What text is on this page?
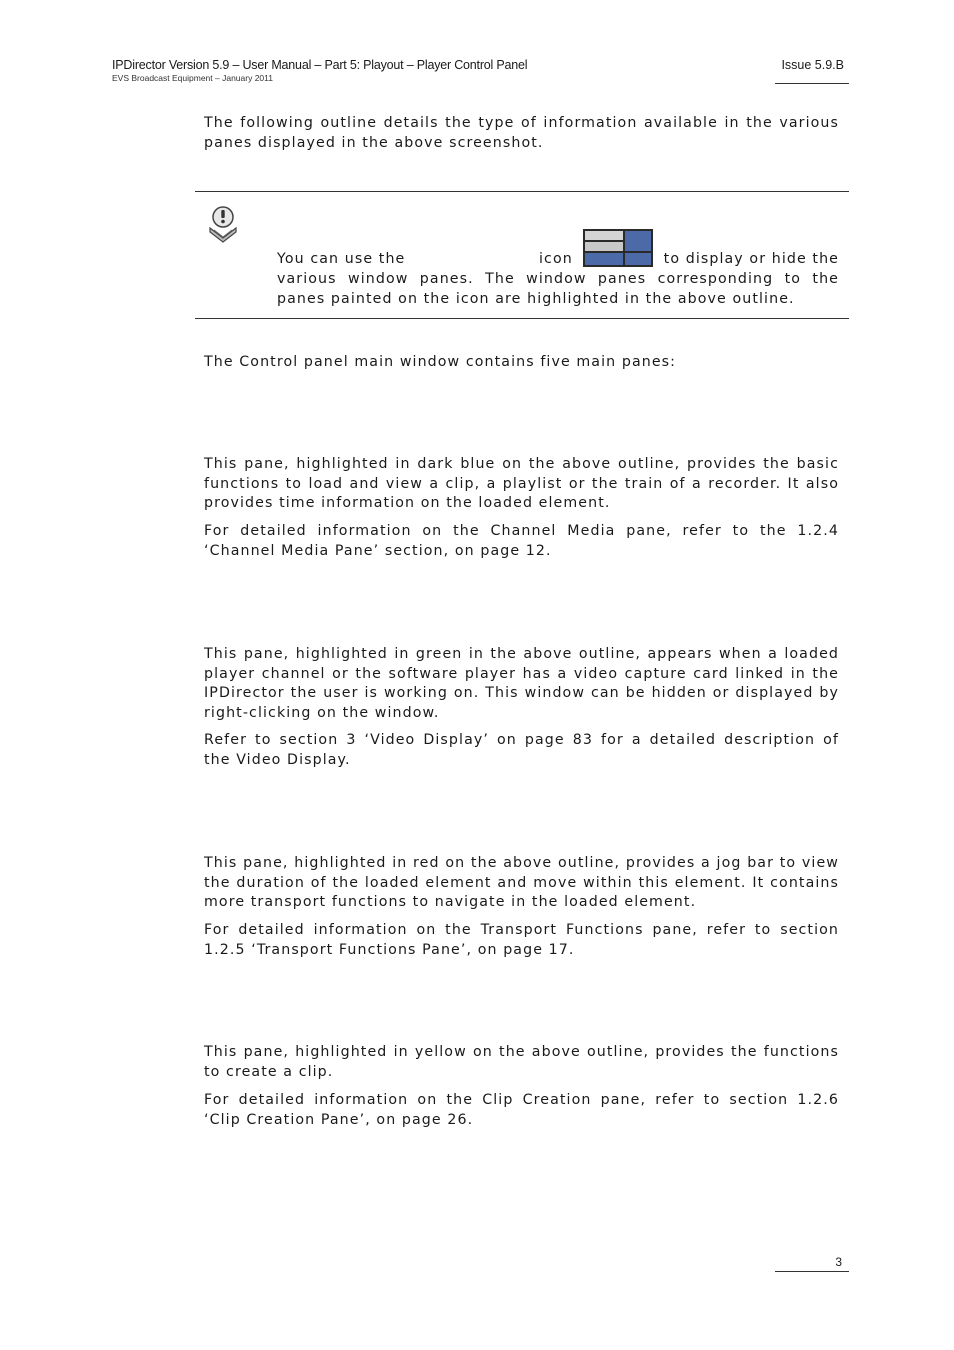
IPDirector Version 5.9 – User Manual – Part 5: Playout – Player Control Panel
EVS Broadcast Equipment – January 2011
Issue 5.9.B

The following outline details the type of information available in the various panes displayed in the above screenshot.

You can use the	icon	to display or hide the

various window panes. The window panes corresponding to the panes painted on the icon are highlighted in the above outline.

The Control panel main window contains five main panes:

This pane, highlighted in dark blue on the above outline, provides the basic functions to load and view a clip, a playlist or the train of a recorder. It also provides time information on the loaded element.

For detailed information on the Channel Media pane, refer to the 1.2.4 ‘Channel Media Pane’ section, on page 12.

This pane, highlighted in green in the above outline, appears when a loaded player channel or the software player has a video capture card linked in the IPDirector the user is working on. This window can be hidden or displayed by right-clicking on the window.

Refer to section 3 ‘Video Display’ on page 83 for a detailed description of the Video Display.

This pane, highlighted in red on the above outline, provides a jog bar to view the duration of the loaded element and move within this element. It contains more transport functions to navigate in the loaded element.

For detailed information on the Transport Functions pane, refer to section 1.2.5 ‘Transport Functions Pane’, on page 17.

This pane, highlighted in yellow on the above outline, provides the functions to create a clip.

For detailed information on the Clip Creation pane, refer to section 1.2.6 ‘Clip Creation Pane’, on page 26.

3
